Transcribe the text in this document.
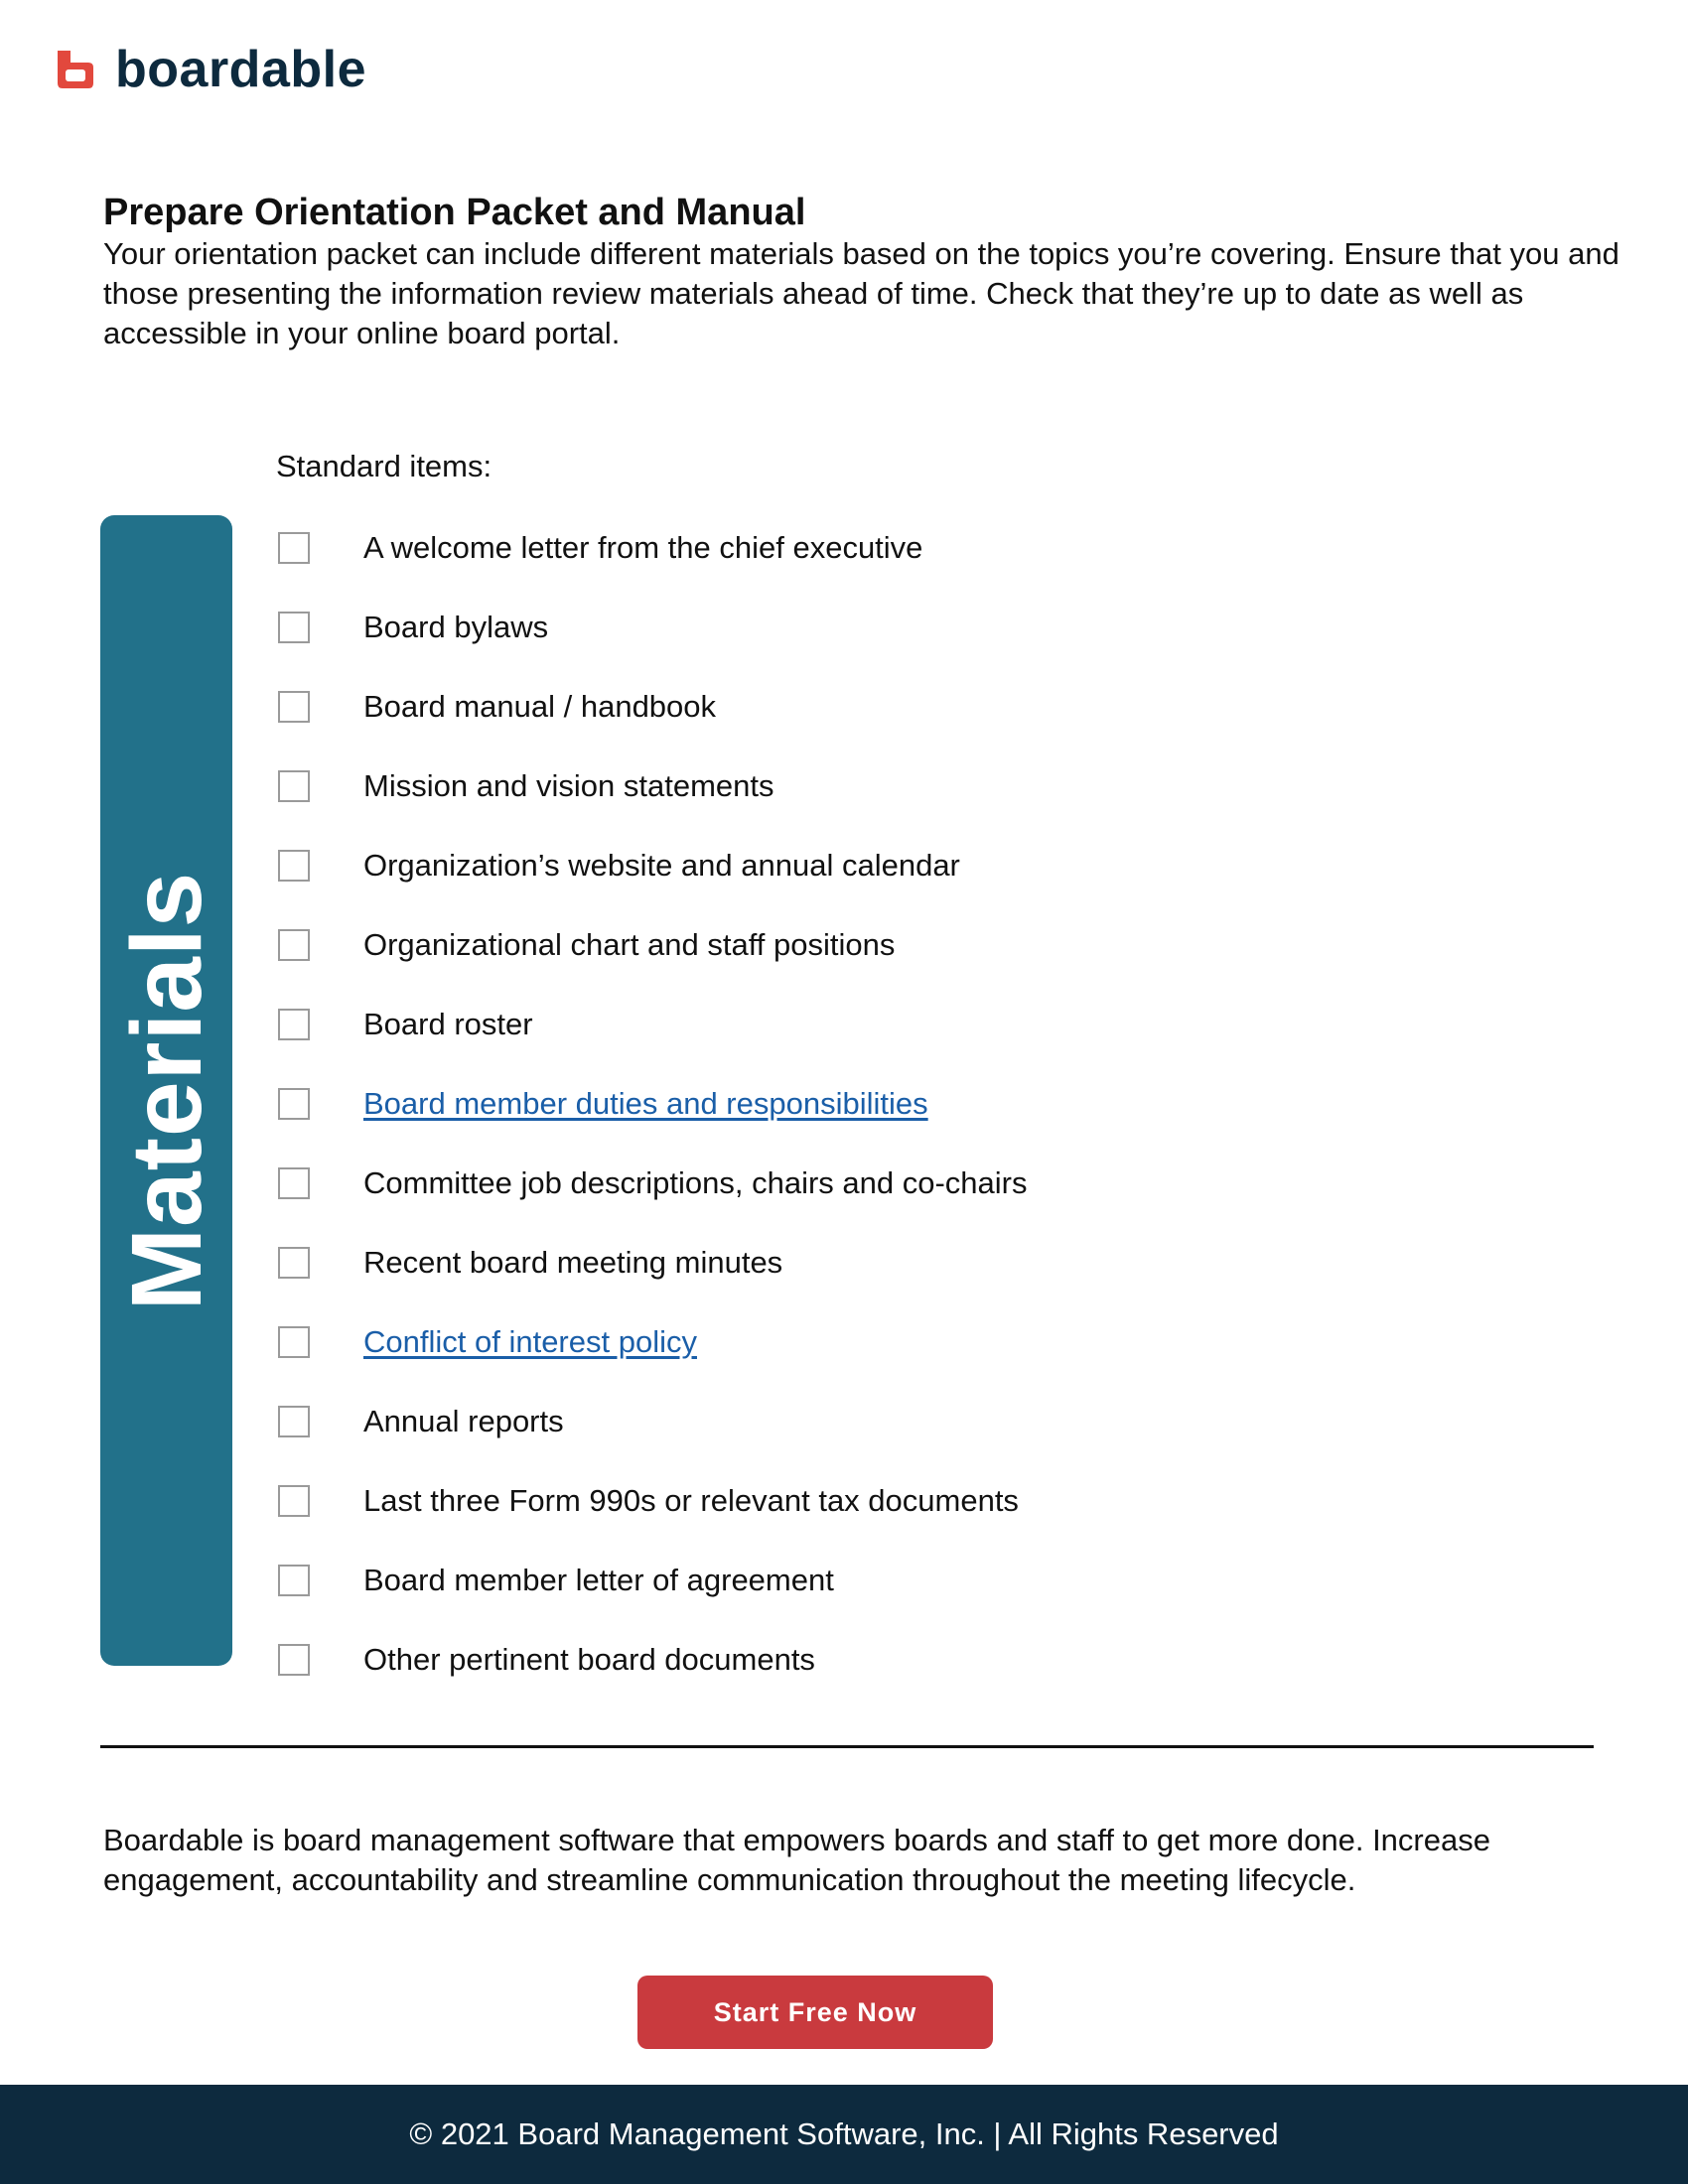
boardable
Prepare Orientation Packet and Manual

Your orientation packet can include different materials based on the topics you’re covering. Ensure that you and those presenting the information review materials ahead of time. Check that they’re up to date as well as accessible in your online board portal.

Standard items:

Materials
A welcome letter from the chief executive
Board bylaws
Board manual / handbook
Mission and vision statements
Organization’s website and annual calendar
Organizational chart and staff positions
Board roster
Board member duties and responsibilities
Committee job descriptions, chairs and co-chairs
Recent board meeting minutes
Conflict of interest policy
Annual reports
Last three Form 990s or relevant tax documents
Board member letter of agreement
Other pertinent board documents

Boardable is board management software that empowers boards and staff to get more done. Increase engagement, accountability and streamline communication throughout the meeting lifecycle.

Start Free Now
© 2021 Board Management Software, Inc. | All Rights Reserved
